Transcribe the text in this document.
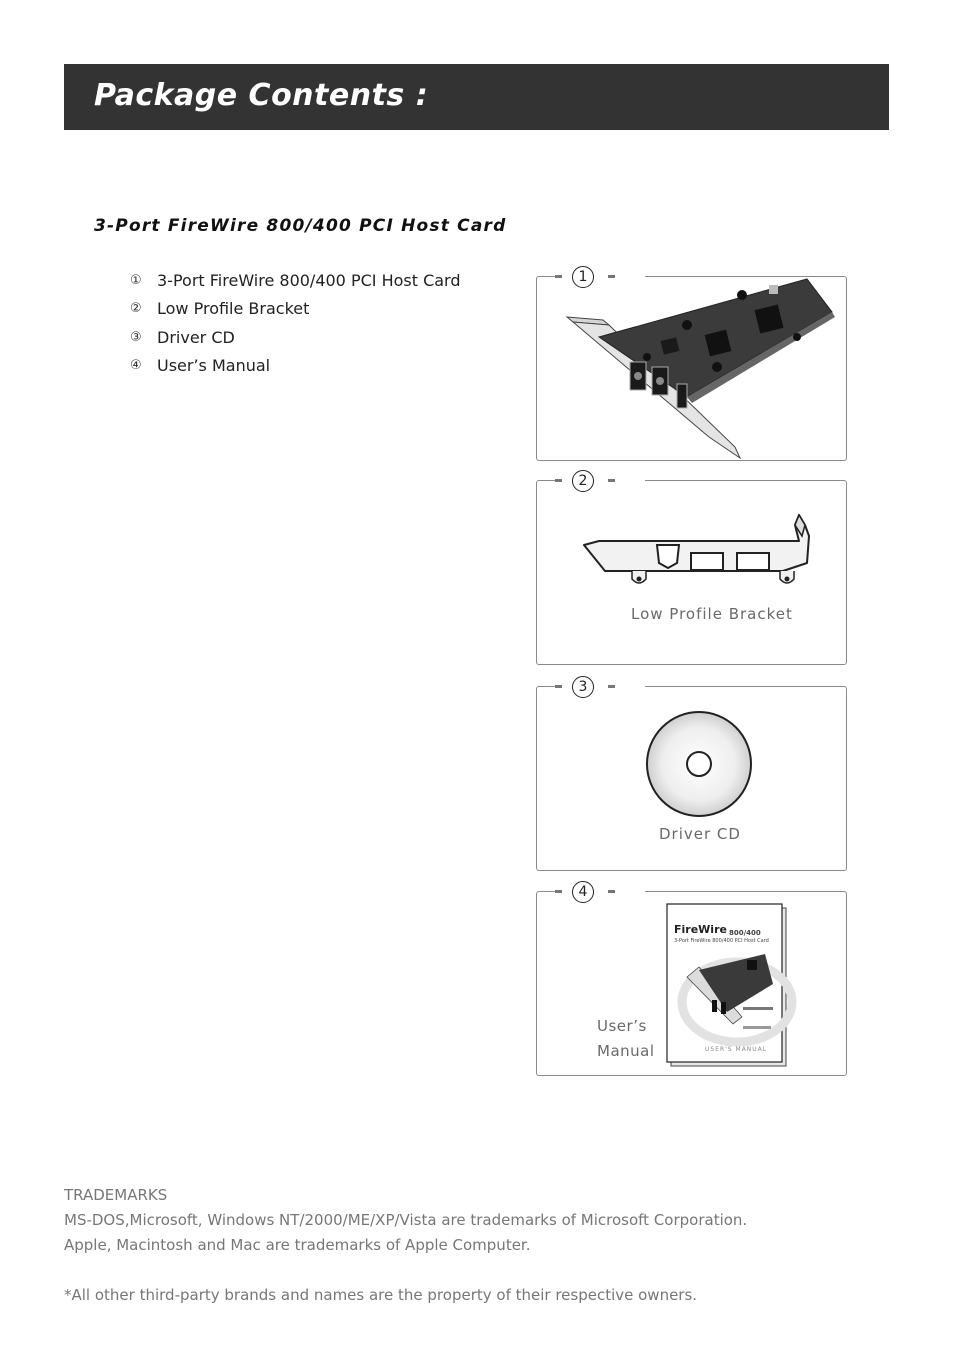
Package Contents :
3-Port FireWire 800/400 PCI Host Card
① 3-Port FireWire 800/400 PCI Host Card
② Low Profile Bracket
③ Driver CD
④ User’s Manual
1
2
Low Profile Bracket
3
Driver CD
4
User’s
Manual
FireWire 800/400
3-Port FireWire 800/400 PCI Host Card
USER'S MANUAL

TRADEMARKS

MS-DOS,Microsoft, Windows NT/2000/ME/XP/Vista are trademarks of Microsoft Corporation.

Apple, Macintosh and Mac are trademarks of Apple Computer.

*All other third-party brands and names are the property of their respective owners.
